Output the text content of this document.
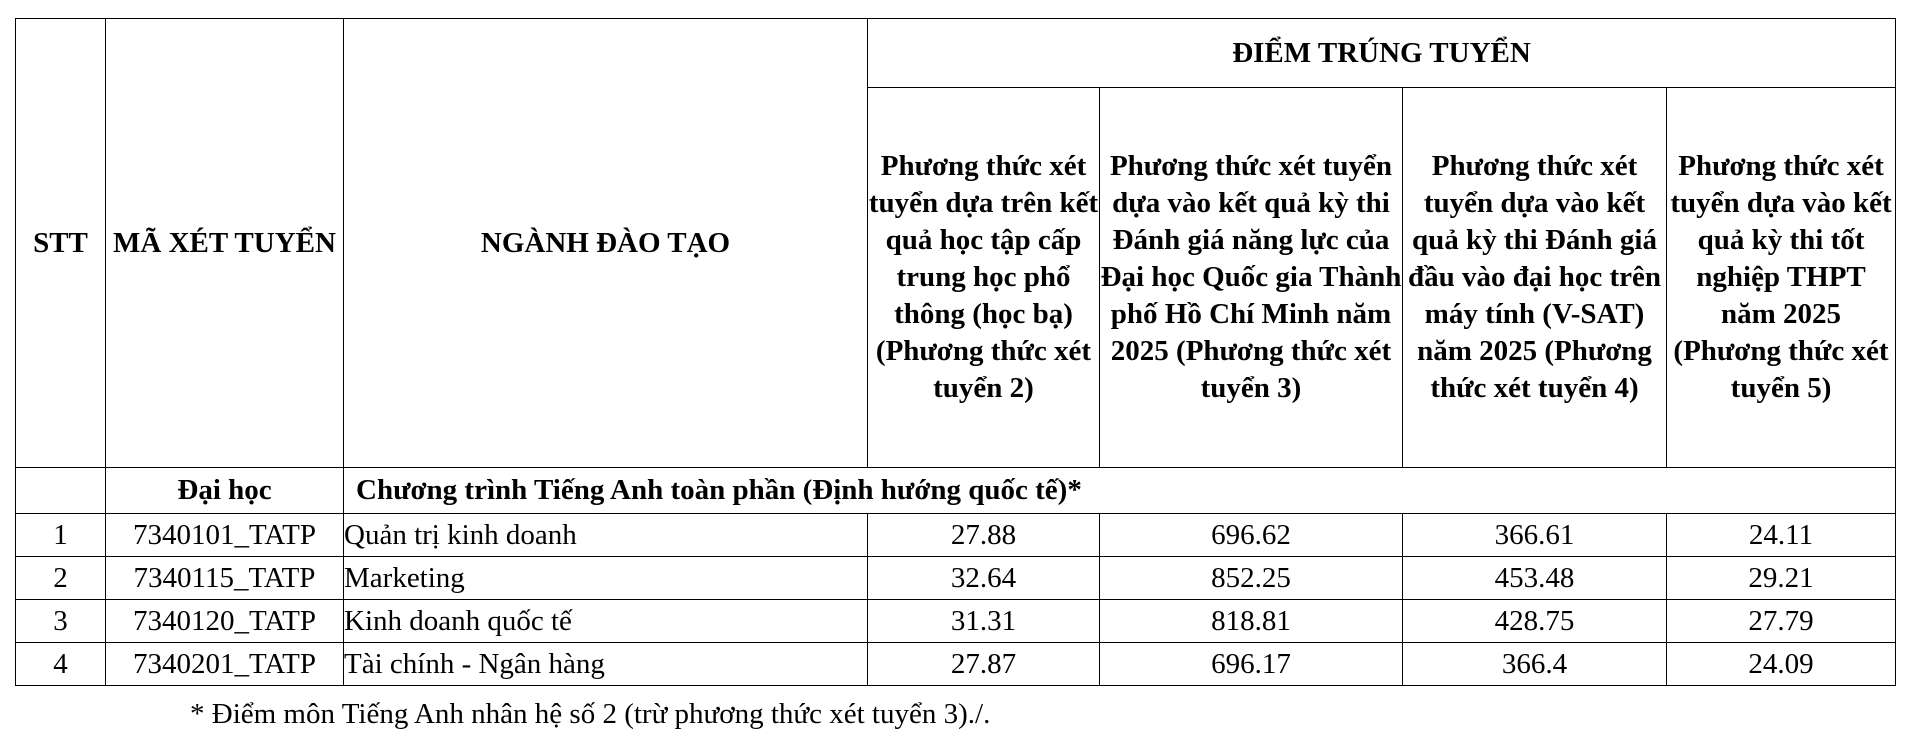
STT	MÃ XÉT TUYỂN	NGÀNH ĐÀO TẠO	ĐIỂM TRÚNG TUYỂN			
			Phương thức xét tuyển dựa trên kết quả học tập cấp trung học phổ thông (học bạ) (Phương thức xét tuyển 2)	Phương thức xét tuyển dựa vào kết quả kỳ thi Đánh giá năng lực của Đại học Quốc gia Thành phố Hồ Chí Minh năm 2025 (Phương thức xét tuyển 3)	Phương thức xét tuyển dựa vào kết quả kỳ thi Đánh giá đầu vào đại học trên máy tính (V-SAT) năm 2025 (Phương thức xét tuyển 4)	Phương thức xét tuyển dựa vào kết quả kỳ thi tốt nghiệp THPT năm 2025 (Phương thức xét tuyển 5)
	Đại học	Chương trình Tiếng Anh toàn phần (Định hướng quốc tế)*				
1	7340101_TATP	Quản trị kinh doanh	27.88	696.62	366.61	24.11
2	7340115_TATP	Marketing	32.64	852.25	453.48	29.21
3	7340120_TATP	Kinh doanh quốc tế	31.31	818.81	428.75	27.79
4	7340201_TATP	Tài chính - Ngân hàng	27.87	696.17	366.4	24.09
* Điểm môn Tiếng Anh nhân hệ số 2 (trừ phương thức xét tuyển 3)./.
